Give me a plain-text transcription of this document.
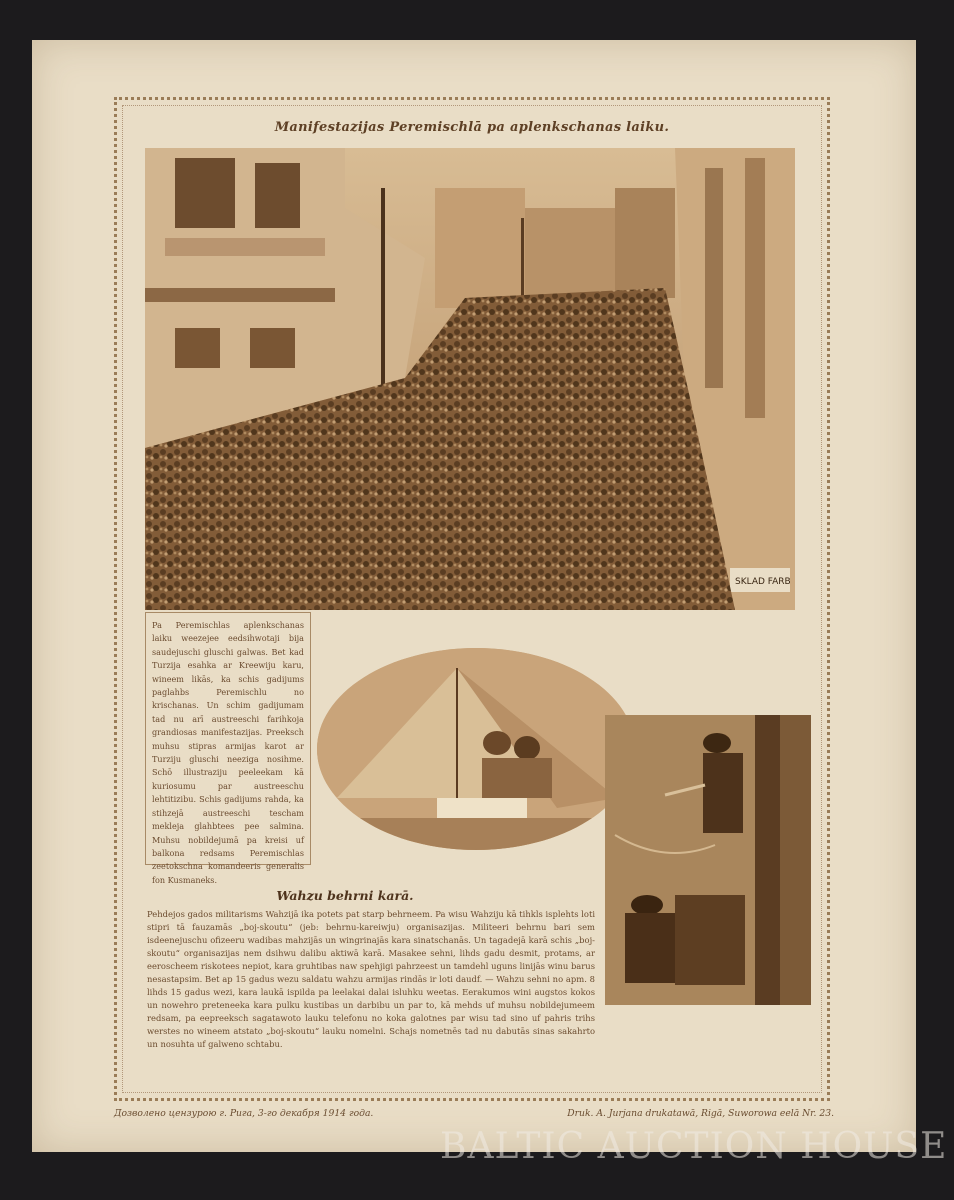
Manifestazijas Peremischlā pa aplenkschanas laiku.
SKLAD FARB

Pa Peremischlas aplenkschanas laiku weezejee eedsihwotaji bija saudejuschi gluschi galwas. Bet kad Turzija esahka ar Kreewiju karu, wineem likās, ka schis gadijums paglahbs Peremischlu no krischanas. Un schim gadijumam tad nu arī austreeschi farihkoja grandiosas manifestazijas. Preeksch muhsu stipras armijas karot ar Turziju gluschi neeziga nosihme. Schō illustraziju peeleekam kā kuriosumu par austreeschu lehtitizibu. Schis gadijums rahda, ka stihzejā austreeschi tescham mekleja glahbtees pee salmina. Muhsu nobildejumā pa kreisi uf balkona redsams Peremischlas zeetokschna komandeeris generalis fon Kusmaneks.

Wahzu behrni karā.
Pehdejos gados militarisms Wahzijā ika potets pat starp behrneem. Pa wisu Wahziju kā tihkls isplehts loti stipri tā fauzamās „boj-skoutu“ (jeb: behrnu-kareiwju) organisazijas. Militeeri behrnu bari sem isdeenejuschu ofizeeru wadibas mahzijās un wingrinajās kara sinatschanās. Un tagadejā karā schis „boj-skoutu“ organisazijas nem dsihwu dalibu aktiwā karā. Masakee sehni, lihds gadu desmit, protams, ar eeroscheem riskotees nepiot, kara gruhtibas naw spehjigi pahrzeest un tamdehl uguns linijās winu barus nesastapsim. Bet ap 15 gadus wezu saldatu wahzu armijas rindās ir loti daudf. — Wahzu sehni no apm. 8 lihds 15 gadus wezi, kara laukā ispilda pa leelakai dalai isluhku weetas. Eerakumos wini augstos kokos un nowehro preteneeka kara pulku kustibas un darbibu un par to, kā mehds uf muhsu nobildejumeem redsam, pa eepreeksch sagatawoto lauku telefonu no koka galotnes par wisu tad sino uf pahris trihs werstes no wineem atstato „boj-skoutu“ lauku nomelni. Schajs nometnēs tad nu dabutās sinas sakahrto un nosuhta uf galweno schtabu.
Дозволено цензурою г. Рига, 3-го декабря 1914 года.	Druk. A. Jurjana drukatawā, Rigā, Suworowa eelā Nr. 23.
BALTIC AUCTION HOUSE
